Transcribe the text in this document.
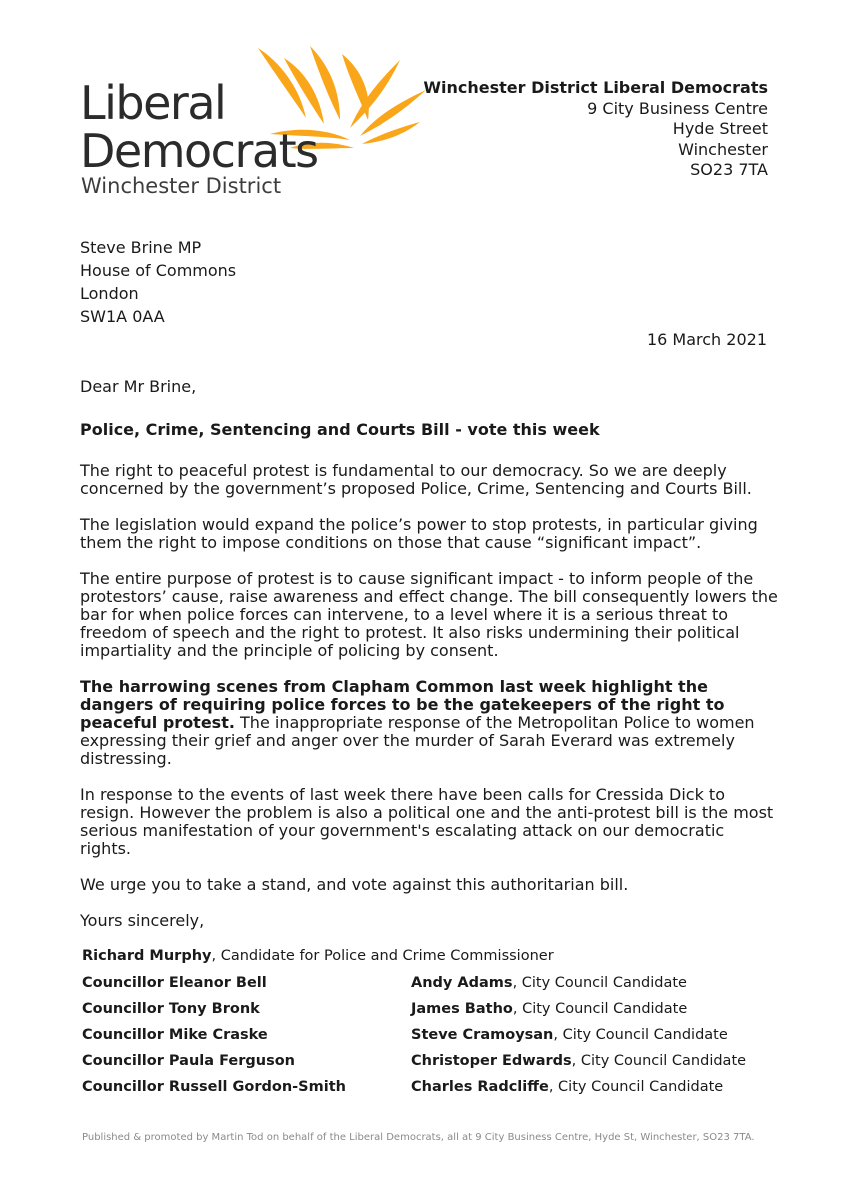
Liberal
Democrats
Winchester District
Winchester District Liberal Democrats
9 City Business Centre
Hyde Street
Winchester
SO23 7TA
Steve Brine MP
House of Commons
London
SW1A 0AA
16 March 2021

Dear Mr Brine,

Police, Crime, Sentencing and Courts Bill - vote this week

The right to peaceful protest is fundamental to our democracy. So we are deeply concerned by the government’s proposed Police, Crime, Sentencing and Courts Bill.

The legislation would expand the police’s power to stop protests, in particular giving them the right to impose conditions on those that cause “significant impact”.

The entire purpose of protest is to cause significant impact - to inform people of the protestors’ cause, raise awareness and effect change. The bill consequently lowers the bar for when police forces can intervene, to a level where it is a serious threat to freedom of speech and the right to protest. It also risks undermining their political impartiality and the principle of policing by consent.

The harrowing scenes from Clapham Common last week highlight the dangers of requiring police forces to be the gatekeepers of the right to peaceful protest. The inappropriate response of the Metropolitan Police to women expressing their grief and anger over the murder of Sarah Everard was extremely distressing.

In response to the events of last week there have been calls for Cressida Dick to resign. However the problem is also a political one and the anti-protest bill is the most serious manifestation of your government's escalating attack on our democratic rights.

We urge you to take a stand, and vote against this authoritarian bill.

Yours sincerely,

Richard Murphy, Candidate for Police and Crime Commissioner
Councillor Eleanor Bell	Andy Adams, City Council Candidate
Councillor Tony Bronk	James Batho, City Council Candidate
Councillor Mike Craske	Steve Cramoysan, City Council Candidate
Councillor Paula Ferguson	Christoper Edwards, City Council Candidate
Councillor Russell Gordon-Smith	Charles Radcliffe, City Council Candidate
Published & promoted by Martin Tod on behalf of the Liberal Democrats, all at 9 City Business Centre, Hyde St, Winchester, SO23 7TA.
